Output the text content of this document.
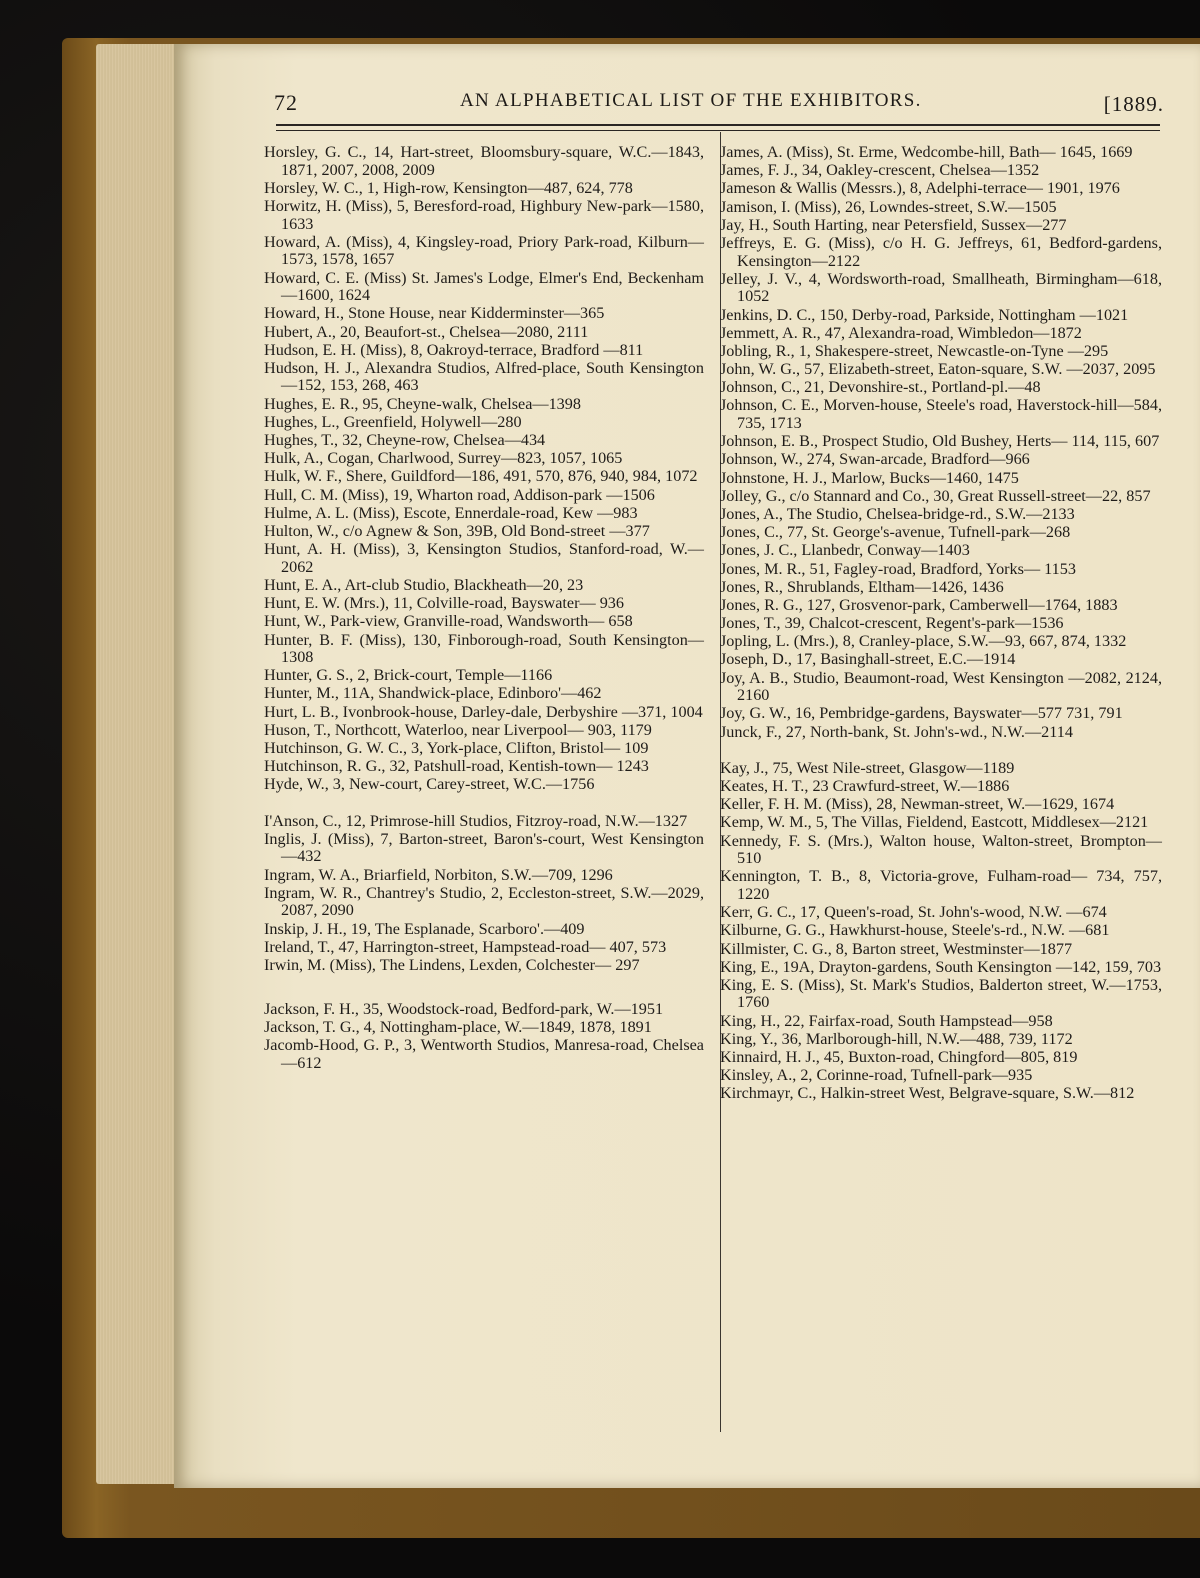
72	AN ALPHABETICAL LIST OF THE EXHIBITORS.	[1889.

Horsley, G. C., 14, Hart-street, Bloomsbury-square, W.C.—1843, 1871, 2007, 2008, 2009

Horsley, W. C., 1, High-row, Kensington—487, 624, 778

Horwitz, H. (Miss), 5, Beresford-road, Highbury New-park—1580, 1633

Howard, A. (Miss), 4, Kingsley-road, Priory Park-road, Kilburn—1573, 1578, 1657

Howard, C. E. (Miss) St. James's Lodge, Elmer's End, Beckenham—1600, 1624

Howard, H., Stone House, near Kidderminster—365

Hubert, A., 20, Beaufort-st., Chelsea—2080, 2111

Hudson, E. H. (Miss), 8, Oakroyd-terrace, Bradford —811

Hudson, H. J., Alexandra Studios, Alfred-place, South Kensington—152, 153, 268, 463

Hughes, E. R., 95, Cheyne-walk, Chelsea—1398

Hughes, L., Greenfield, Holywell—280

Hughes, T., 32, Cheyne-row, Chelsea—434

Hulk, A., Cogan, Charlwood, Surrey—823, 1057, 1065

Hulk, W. F., Shere, Guildford—186, 491, 570, 876, 940, 984, 1072

Hull, C. M. (Miss), 19, Wharton road, Addison-park —1506

Hulme, A. L. (Miss), Escote, Ennerdale-road, Kew —983

Hulton, W., c/o Agnew & Son, 39B, Old Bond-street —377

Hunt, A. H. (Miss), 3, Kensington Studios, Stanford-road, W.—2062

Hunt, E. A., Art-club Studio, Blackheath—20, 23

Hunt, E. W. (Mrs.), 11, Colville-road, Bayswater— 936

Hunt, W., Park-view, Granville-road, Wandsworth— 658

Hunter, B. F. (Miss), 130, Finborough-road, South Kensington—1308

Hunter, G. S., 2, Brick-court, Temple—1166

Hunter, M., 11A, Shandwick-place, Edinboro'—462

Hurt, L. B., Ivonbrook-house, Darley-dale, Derbyshire —371, 1004

Huson, T., Northcott, Waterloo, near Liverpool— 903, 1179

Hutchinson, G. W. C., 3, York-place, Clifton, Bristol— 109

Hutchinson, R. G., 32, Patshull-road, Kentish-town— 1243

Hyde, W., 3, New-court, Carey-street, W.C.—1756

I'Anson, C., 12, Primrose-hill Studios, Fitzroy-road, N.W.—1327

Inglis, J. (Miss), 7, Barton-street, Baron's-court, West Kensington—432

Ingram, W. A., Briarfield, Norbiton, S.W.—709, 1296

Ingram, W. R., Chantrey's Studio, 2, Eccleston-street, S.W.—2029, 2087, 2090

Inskip, J. H., 19, The Esplanade, Scarboro'.—409

Ireland, T., 47, Harrington-street, Hampstead-road— 407, 573

Irwin, M. (Miss), The Lindens, Lexden, Colchester— 297

Jackson, F. H., 35, Woodstock-road, Bedford-park, W.—1951

Jackson, T. G., 4, Nottingham-place, W.—1849, 1878, 1891

Jacomb-Hood, G. P., 3, Wentworth Studios, Manresa-road, Chelsea—612

James, A. (Miss), St. Erme, Wedcombe-hill, Bath— 1645, 1669

James, F. J., 34, Oakley-crescent, Chelsea—1352

Jameson & Wallis (Messrs.), 8, Adelphi-terrace— 1901, 1976

Jamison, I. (Miss), 26, Lowndes-street, S.W.—1505

Jay, H., South Harting, near Petersfield, Sussex—277

Jeffreys, E. G. (Miss), c/o H. G. Jeffreys, 61, Bedford-gardens, Kensington—2122

Jelley, J. V., 4, Wordsworth-road, Smallheath, Birmingham—618, 1052

Jenkins, D. C., 150, Derby-road, Parkside, Nottingham —1021

Jemmett, A. R., 47, Alexandra-road, Wimbledon—1872

Jobling, R., 1, Shakespere-street, Newcastle-on-Tyne —295

John, W. G., 57, Elizabeth-street, Eaton-square, S.W. —2037, 2095

Johnson, C., 21, Devonshire-st., Portland-pl.—48

Johnson, C. E., Morven-house, Steele's road, Haverstock-hill—584, 735, 1713

Johnson, E. B., Prospect Studio, Old Bushey, Herts— 114, 115, 607

Johnson, W., 274, Swan-arcade, Bradford—966

Johnstone, H. J., Marlow, Bucks—1460, 1475

Jolley, G., c/o Stannard and Co., 30, Great Russell-street—22, 857

Jones, A., The Studio, Chelsea-bridge-rd., S.W.—2133

Jones, C., 77, St. George's-avenue, Tufnell-park—268

Jones, J. C., Llanbedr, Conway—1403

Jones, M. R., 51, Fagley-road, Bradford, Yorks— 1153

Jones, R., Shrublands, Eltham—1426, 1436

Jones, R. G., 127, Grosvenor-park, Camberwell—1764, 1883

Jones, T., 39, Chalcot-crescent, Regent's-park—1536

Jopling, L. (Mrs.), 8, Cranley-place, S.W.—93, 667, 874, 1332

Joseph, D., 17, Basinghall-street, E.C.—1914

Joy, A. B., Studio, Beaumont-road, West Kensington —2082, 2124, 2160

Joy, G. W., 16, Pembridge-gardens, Bayswater—577 731, 791

Junck, F., 27, North-bank, St. John's-wd., N.W.—2114

Kay, J., 75, West Nile-street, Glasgow—1189

Keates, H. T., 23 Crawfurd-street, W.—1886

Keller, F. H. M. (Miss), 28, Newman-street, W.—1629, 1674

Kemp, W. M., 5, The Villas, Fieldend, Eastcott, Middlesex—2121

Kennedy, F. S. (Mrs.), Walton house, Walton-street, Brompton—510

Kennington, T. B., 8, Victoria-grove, Fulham-road— 734, 757, 1220

Kerr, G. C., 17, Queen's-road, St. John's-wood, N.W. —674

Kilburne, G. G., Hawkhurst-house, Steele's-rd., N.W. —681

Killmister, C. G., 8, Barton street, Westminster—1877

King, E., 19A, Drayton-gardens, South Kensington —142, 159, 703

King, E. S. (Miss), St. Mark's Studios, Balderton street, W.—1753, 1760

King, H., 22, Fairfax-road, South Hampstead—958

King, Y., 36, Marlborough-hill, N.W.—488, 739, 1172

Kinnaird, H. J., 45, Buxton-road, Chingford—805, 819

Kinsley, A., 2, Corinne-road, Tufnell-park—935

Kirchmayr, C., Halkin-street West, Belgrave-square, S.W.—812
